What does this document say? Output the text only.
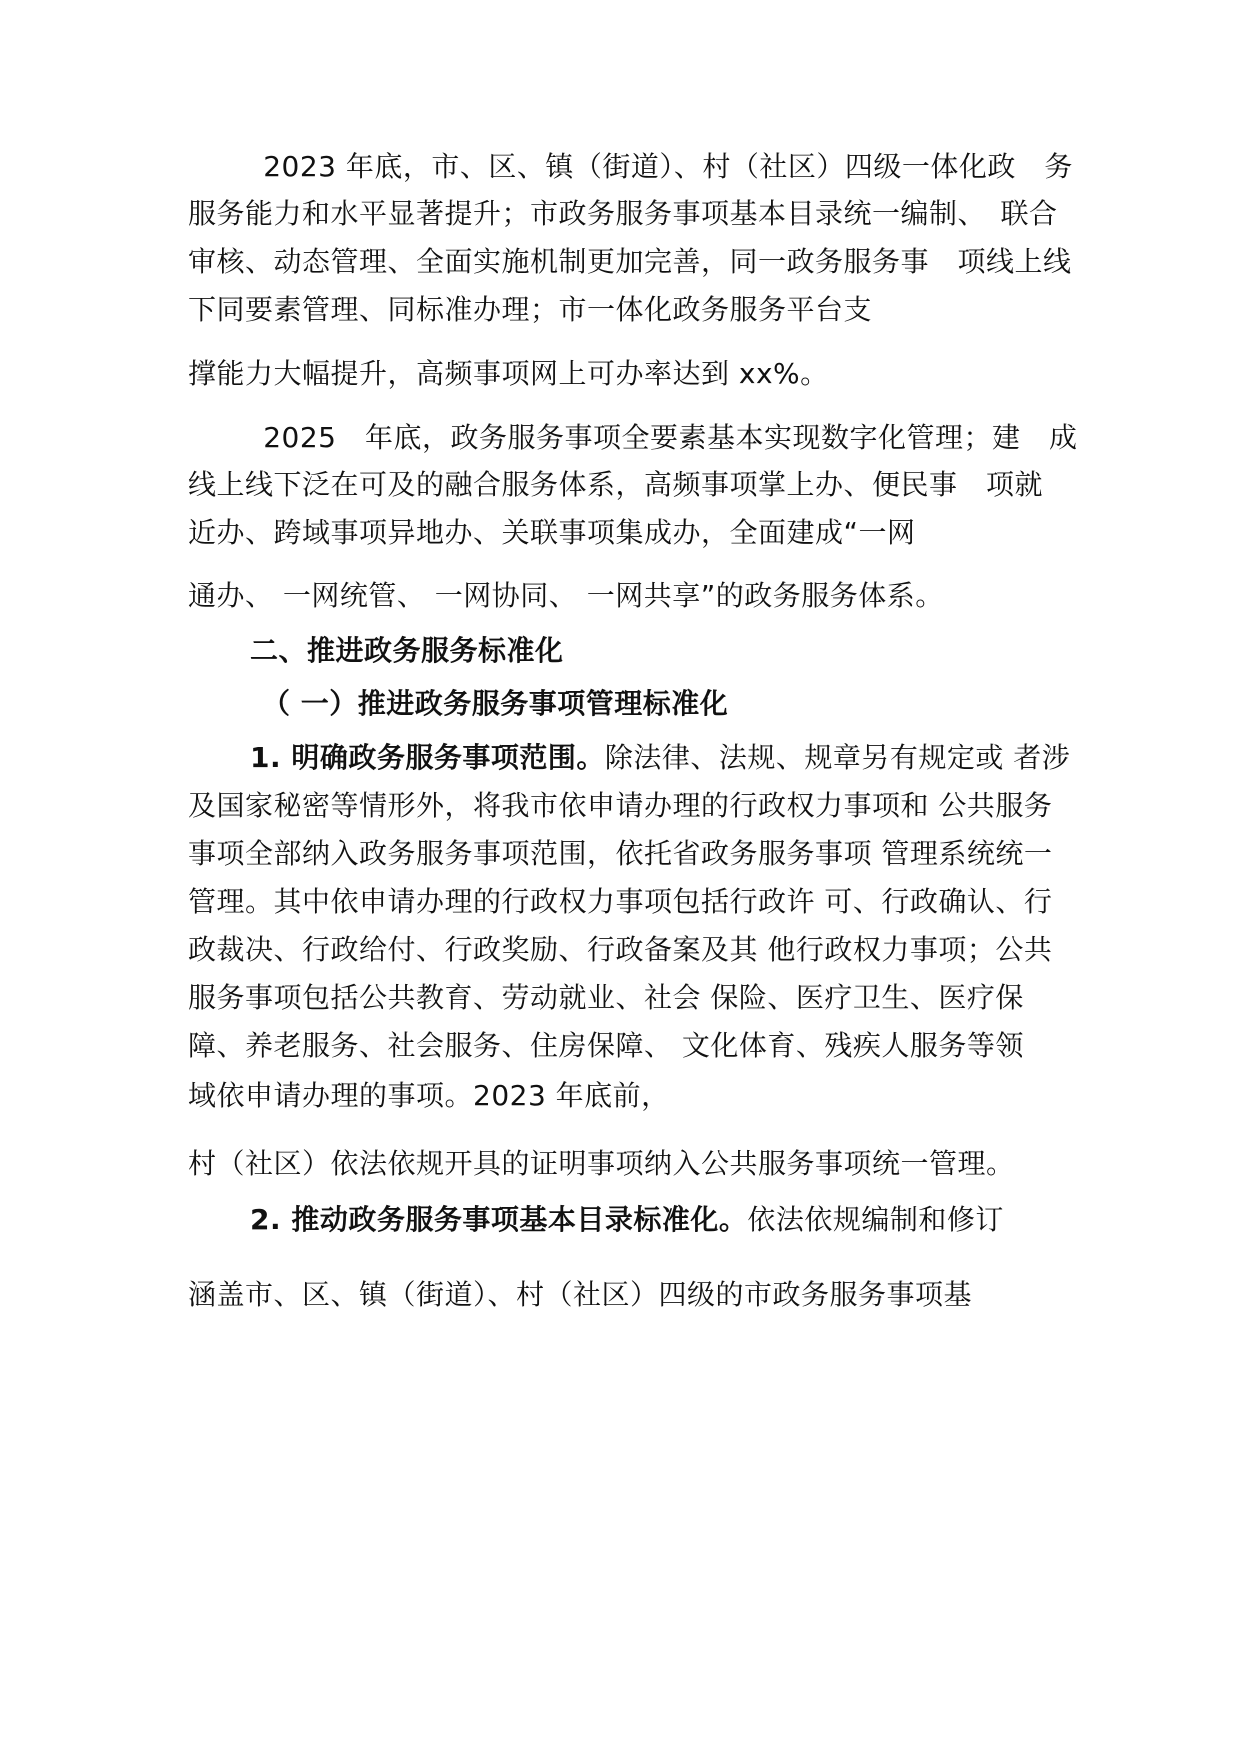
2023 年底，市、区、镇（街道）、村（社区）四级一体化政　务
服务能力和水平显著提升；市政务服务事项基本目录统一编制、　联合
审核、动态管理、全面实施机制更加完善，同一政务服务事　项线上线
下同要素管理、同标准办理；市一体化政务服务平台支
撑能力大幅提升，高频事项网上可办率达到 xx%。
2025　年底，政务服务事项全要素基本实现数字化管理；建　成
线上线下泛在可及的融合服务体系，高频事项掌上办、便民事　项就
近办、跨域事项异地办、关联事项集成办，全面建成“一网
通办、 一网统管、 一网协同、 一网共享”的政务服务体系。
二、推进政务服务标准化
（ 一）推进政务服务事项管理标准化
1. 明确政务服务事项范围。除法律、法规、规章另有规定或 者涉
及国家秘密等情形外，将我市依申请办理的行政权力事项和 公共服务
事项全部纳入政务服务事项范围，依托省政务服务事项 管理系统统一
管理。其中依申请办理的行政权力事项包括行政许 可、行政确认、行
政裁决、行政给付、行政奖励、行政备案及其 他行政权力事项；公共
服务事项包括公共教育、劳动就业、社会 保险、医疗卫生、医疗保
障、养老服务、社会服务、住房保障、 文化体育、残疾人服务等领
域依申请办理的事项。2023 年底前，
村（社区）依法依规开具的证明事项纳入公共服务事项统一管理。
2. 推动政务服务事项基本目录标准化。依法依规编制和修订
涵盖市、区、镇（街道）、村（社区）四级的市政务服务事项基
